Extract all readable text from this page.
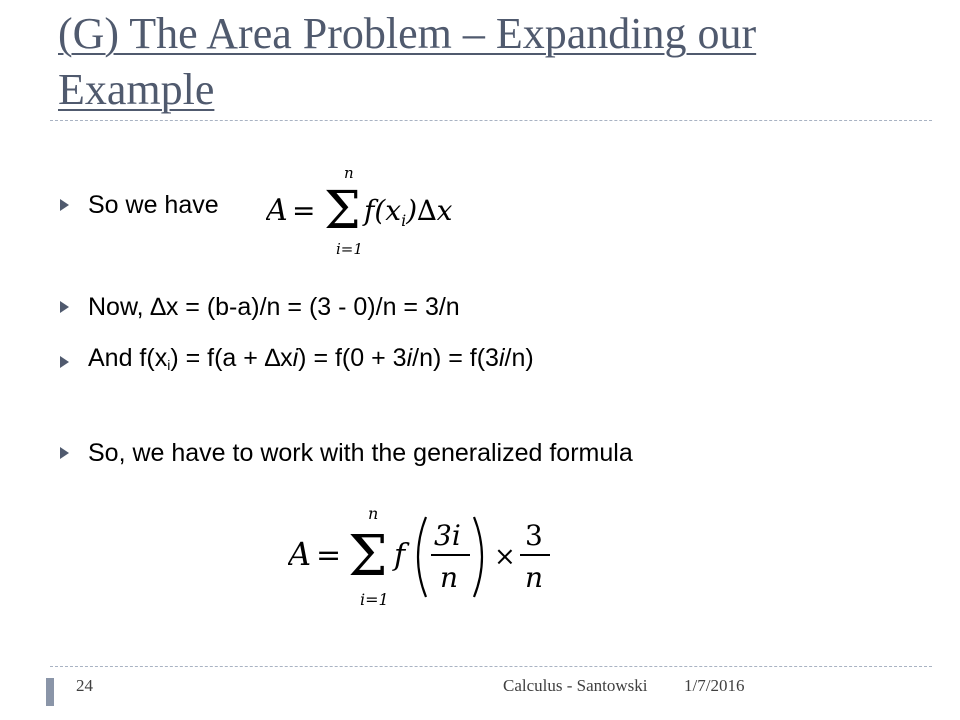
(G) The Area Problem – Expanding our Example
So we have A =
n
Σ
i=1
$f(x_i)\Delta x$
Now, ∆x = (b-a)/n = (3 - 0)/n = 3/n
And $f(x_i) = f(a + \Delta xi) = f(0 + 3i/n) = f(3i/n)$
So, we have to work with the generalized formula
A =
n
Σ
i=1
f
3i
n
×
3
n
24	Calculus - Santowski 1/7/2016
